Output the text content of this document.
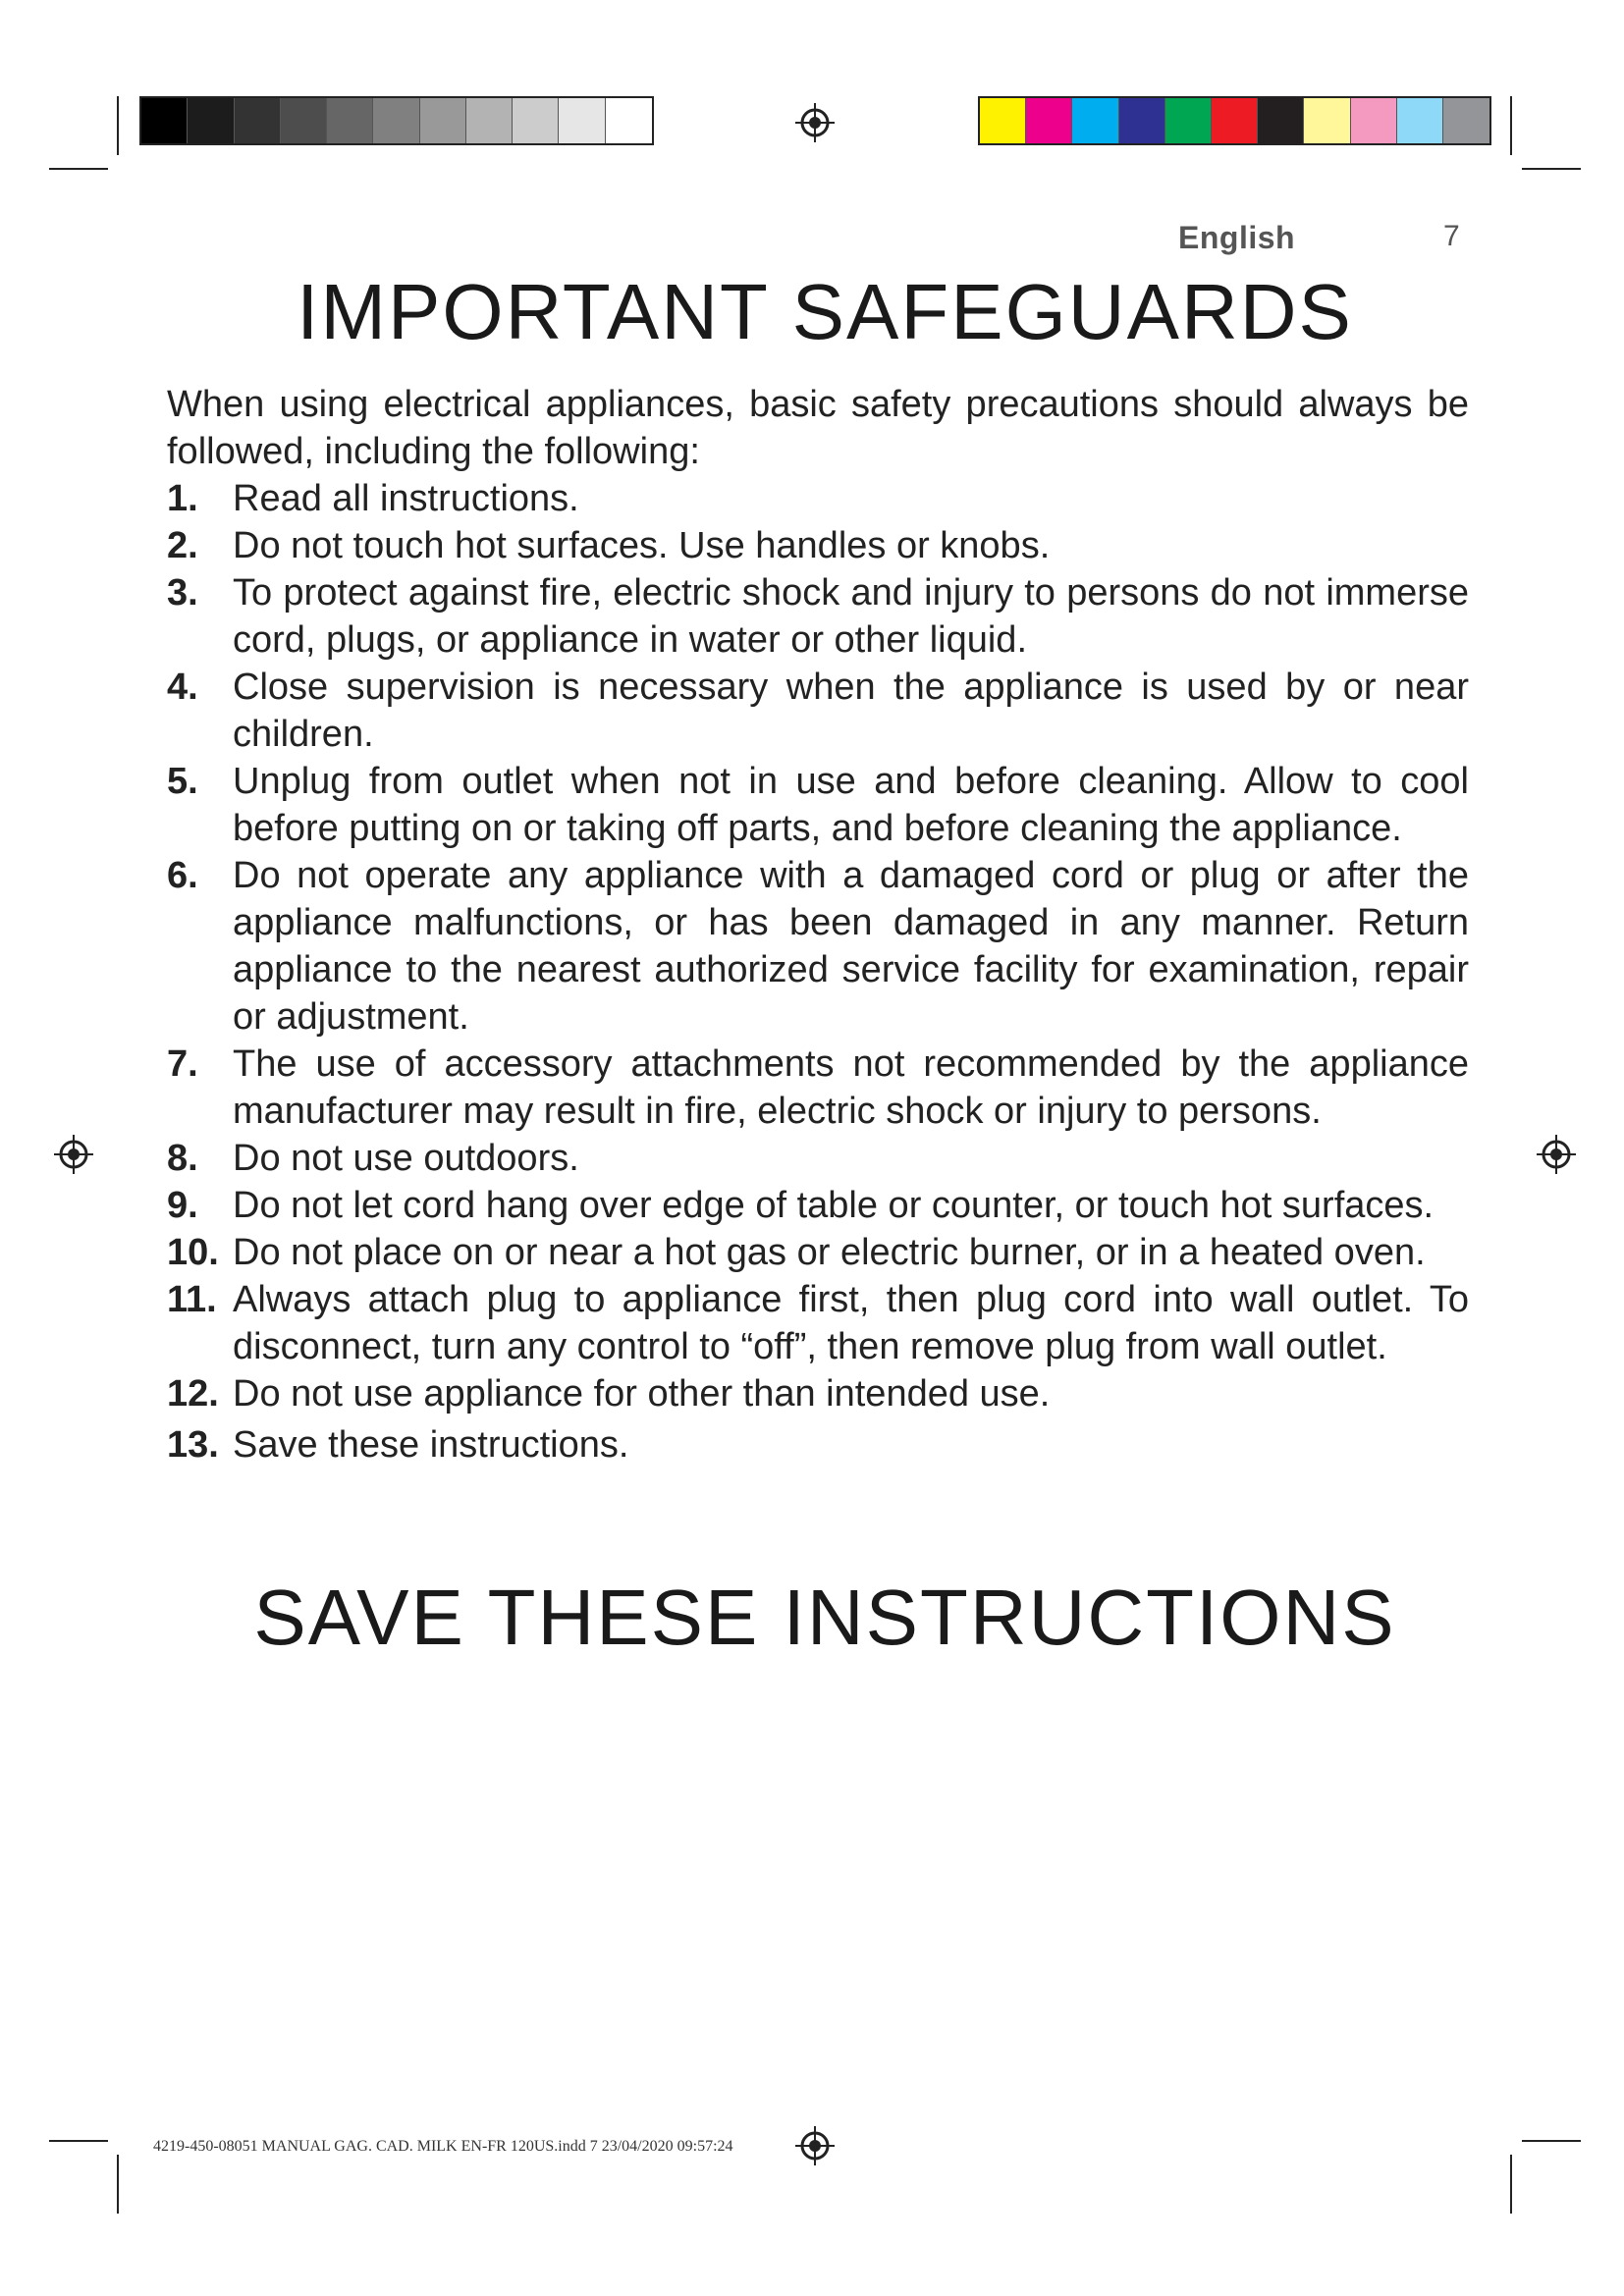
English	7
IMPORTANT SAFEGUARDS

When using electrical appliances, basic safety precautions should always be followed, including the following:

1. Read all instructions.
2. Do not touch hot surfaces. Use handles or knobs.
3. To protect against fire, electric shock and injury to persons do not immerse cord, plugs, or appliance in water or other liquid.
4. Close supervision is necessary when the appliance is used by or near children.
5. Unplug from outlet when not in use and before cleaning. Allow to cool before putting on or taking off parts, and before cleaning the appliance.
6. Do not operate any appliance with a damaged cord or plug or after the appliance malfunctions, or has been damaged in any manner. Return appliance to the nearest authorized service facility for examination, repair or adjustment.
7. The use of accessory attachments not recommended by the appliance manufacturer may result in fire, electric shock or injury to persons.
8. Do not use outdoors.
9. Do not let cord hang over edge of table or counter, or touch hot surfaces.
10. Do not place on or near a hot gas or electric burner, or in a heated oven.
11. Always attach plug to appliance first, then plug cord into wall outlet. To disconnect, turn any control to “off”, then remove plug from wall outlet.
12. Do not use appliance for other than intended use.
13. Save these instructions.
SAVE THESE INSTRUCTIONS
4219-450-08051 MANUAL GAG. CAD. MILK EN-FR 120US.indd 7 23/04/2020 09:57:24
